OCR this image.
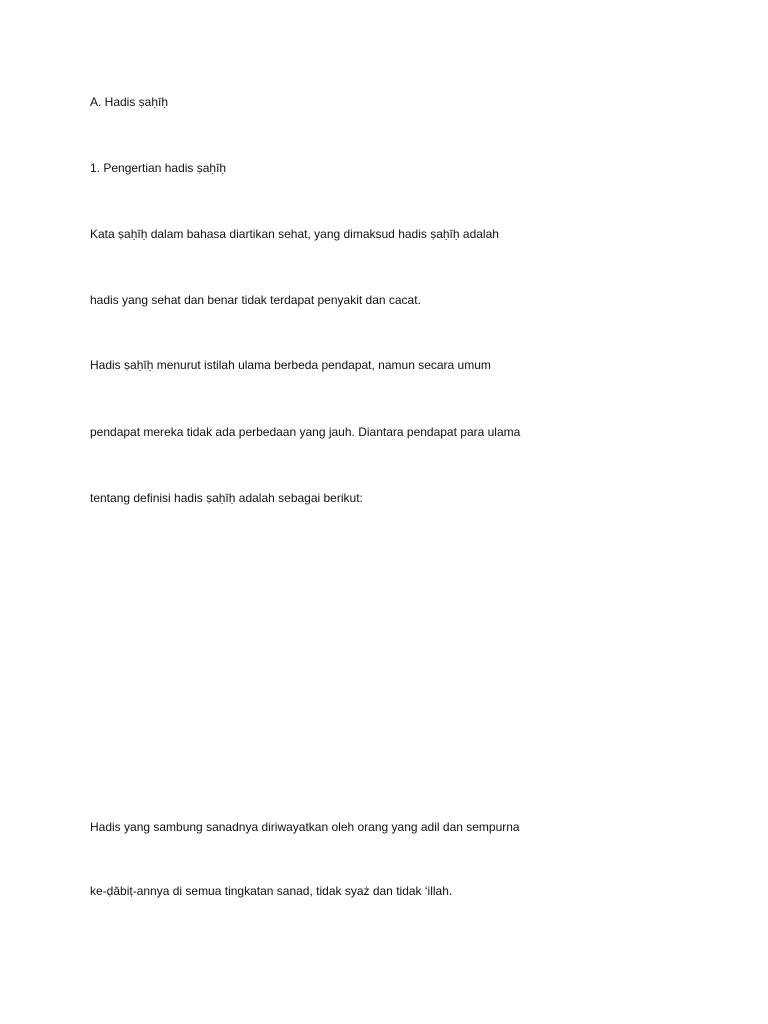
A. Hadis ṣaḥīḥ
1. Pengertian hadis ṣaḥīḥ
Kata ṣaḥīḥ dalam bahasa diartikan sehat, yang dimaksud hadis ṣaḥīḥ adalah
hadis yang sehat dan benar tidak terdapat penyakit dan cacat.
Hadis ṣaḥīḥ menurut istilah ulama berbeda pendapat, namun secara umum
pendapat mereka tidak ada perbedaan yang jauh. Diantara pendapat para ulama
tentang definisi hadis ṣaḥīḥ adalah sebagai berikut:
Hadis yang sambung sanadnya diriwayatkan oleh orang yang adil dan sempurna
ke-ḍābiṭ-annya di semua tingkatan sanad, tidak syaż dan tidak ‘illah.
